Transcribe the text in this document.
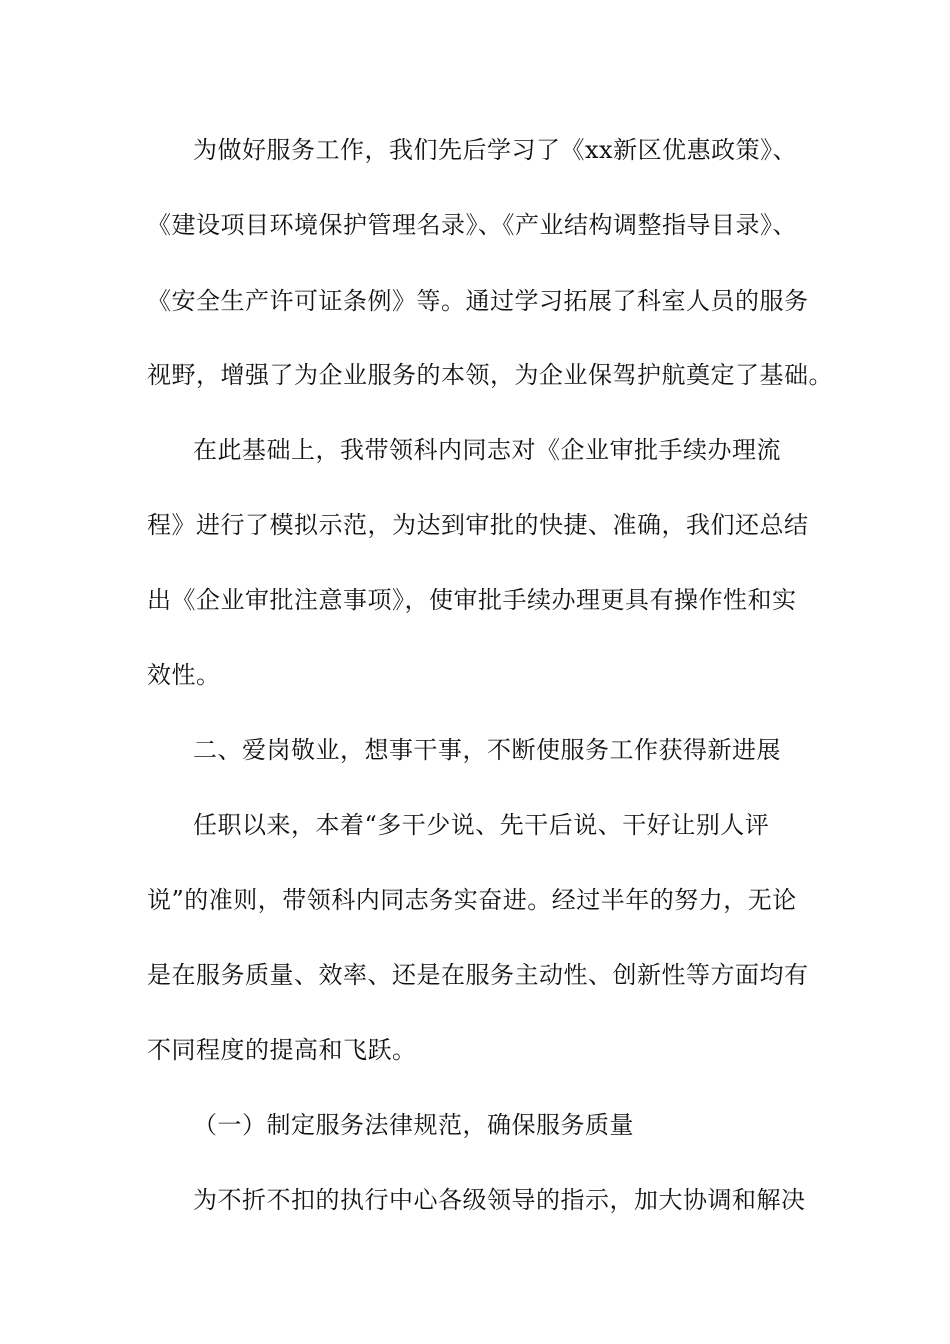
为做好服务工作，我们先后学习了《xx新区优惠政策》、
《建设项目环境保护管理名录》、《产业结构调整指导目录》、
《安全生产许可证条例》等。通过学习拓展了科室人员的服务
视野，增强了为企业服务的本领，为企业保驾护航奠定了基础。
在此基础上，我带领科内同志对《企业审批手续办理流
程》进行了模拟示范，为达到审批的快捷、准确，我们还总结
出《企业审批注意事项》，使审批手续办理更具有操作性和实
效性。
二、爱岗敬业，想事干事，不断使服务工作获得新进展
任职以来，本着“多干少说、先干后说、干好让别人评
说”的准则，带领科内同志务实奋进。经过半年的努力，无论
是在服务质量、效率、还是在服务主动性、创新性等方面均有
不同程度的提高和飞跃。
（一）制定服务法律规范，确保服务质量
为不折不扣的执行中心各级领导的指示，加大协调和解决
